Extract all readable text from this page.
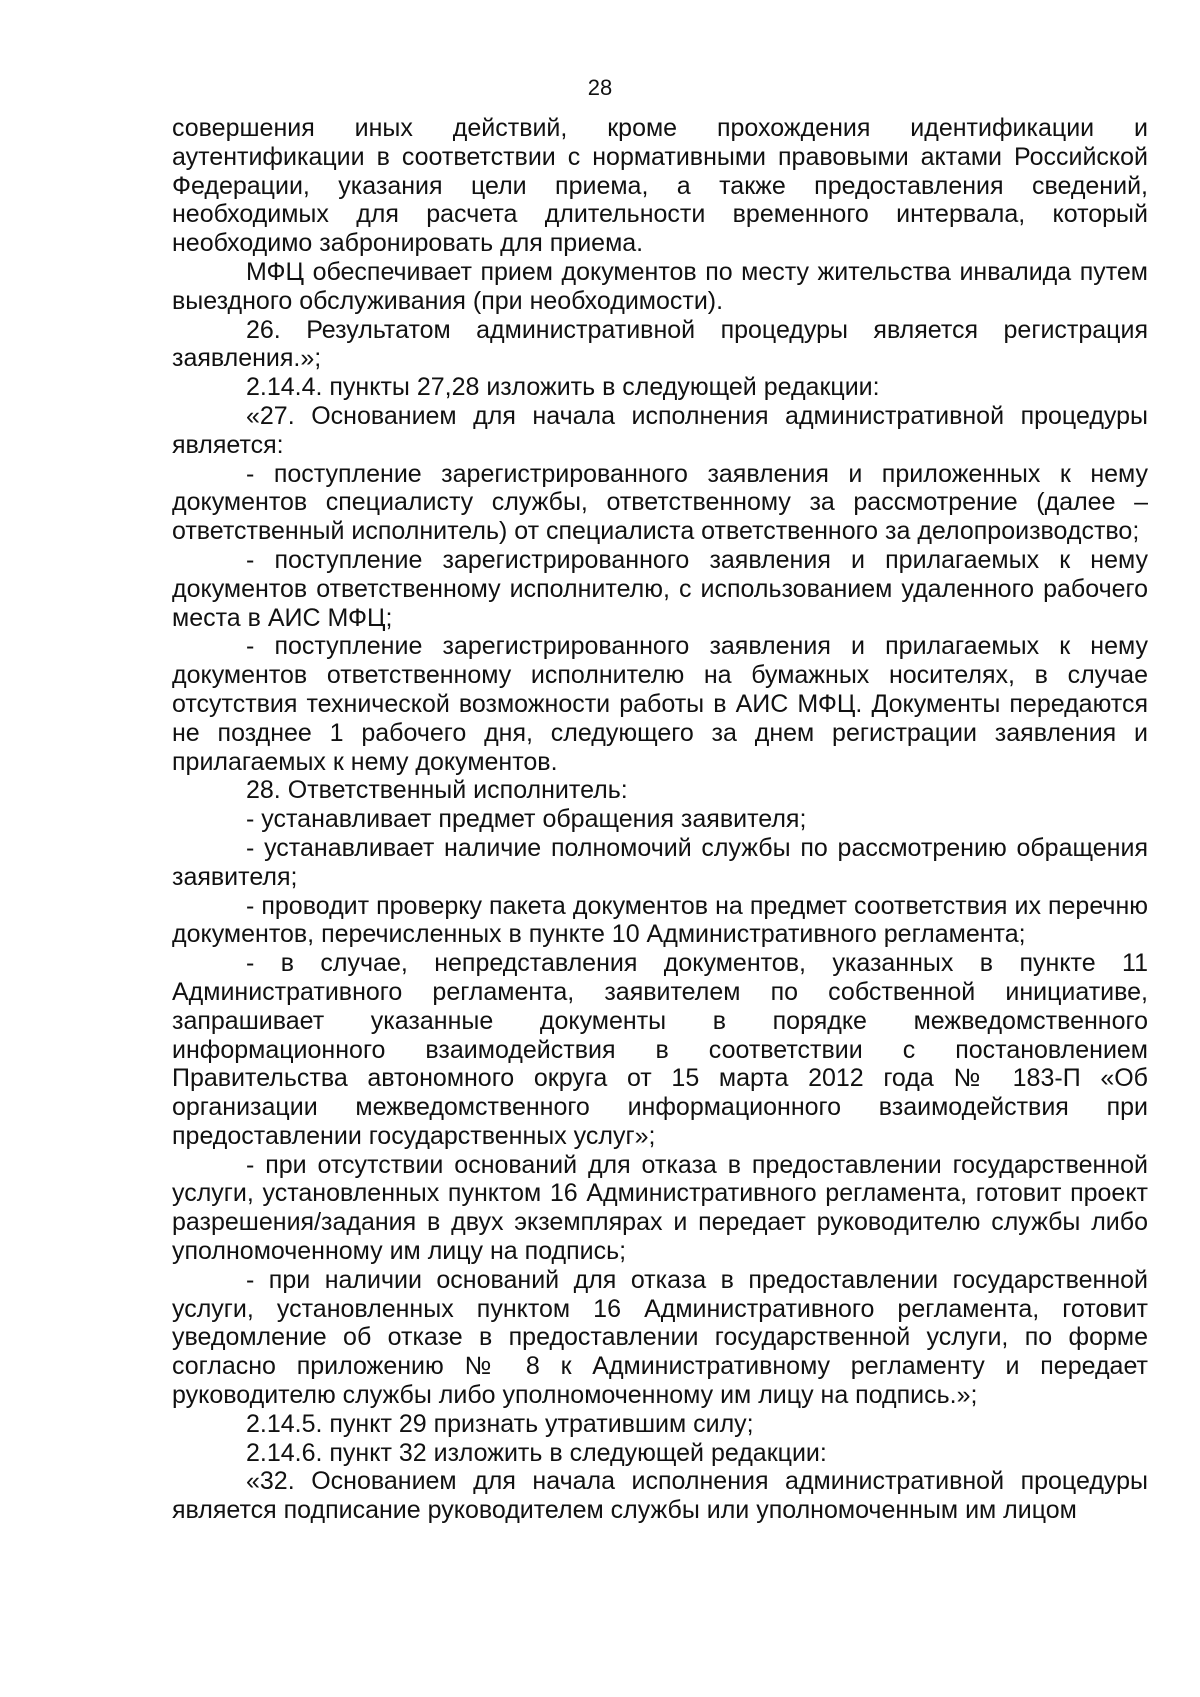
28

совершения иных действий, кроме прохождения идентификации и аутентификации в соответствии с нормативными правовыми актами Российской Федерации, указания цели приема, а также предоставления сведений, необходимых для расчета длительности временного интервала, который необходимо забронировать для приема.

МФЦ обеспечивает прием документов по месту жительства инвалида путем выездного обслуживания (при необходимости).

26. Результатом административной процедуры является регистрация заявления.»;

2.14.4. пункты 27,28 изложить в следующей редакции:

«27. Основанием для начала исполнения административной процедуры является:

- поступление зарегистрированного заявления и приложенных к нему документов специалисту службы, ответственному за рассмотрение (далее – ответственный исполнитель) от специалиста ответственного за делопроизводство;

- поступление зарегистрированного заявления и прилагаемых к нему документов ответственному исполнителю, с использованием удаленного рабочего места в АИС МФЦ;

- поступление зарегистрированного заявления и прилагаемых к нему документов ответственному исполнителю на бумажных носителях, в случае отсутствия технической возможности работы в АИС МФЦ. Документы передаются не позднее 1 рабочего дня, следующего за днем регистрации заявления и прилагаемых к нему документов.

28. Ответственный исполнитель:

- устанавливает предмет обращения заявителя;

- устанавливает наличие полномочий службы по рассмотрению обращения заявителя;

- проводит проверку пакета документов на предмет соответствия их перечню документов, перечисленных в пункте 10 Административного регламента;

- в случае, непредставления документов, указанных в пункте 11 Административного регламента, заявителем по собственной инициативе, запрашивает указанные документы в порядке межведомственного информационного взаимодействия в соответствии с постановлением Правительства автономного округа от 15 марта 2012 года № 183-П «Об организации межведомственного информационного взаимодействия при предоставлении государственных услуг»;

- при отсутствии оснований для отказа в предоставлении государственной услуги, установленных пунктом 16 Административного регламента, готовит проект разрешения/задания в двух экземплярах и передает руководителю службы либо уполномоченному им лицу на подпись;

- при наличии оснований для отказа в предоставлении государственной услуги, установленных пунктом 16 Административного регламента, готовит уведомление об отказе в предоставлении государственной услуги, по форме согласно приложению № 8 к Административному регламенту и передает руководителю службы либо уполномоченному им лицу на подпись.»;

2.14.5. пункт 29 признать утратившим силу;

2.14.6. пункт 32 изложить в следующей редакции:

«32. Основанием для начала исполнения административной процедуры является подписание руководителем службы или уполномоченным им лицом
